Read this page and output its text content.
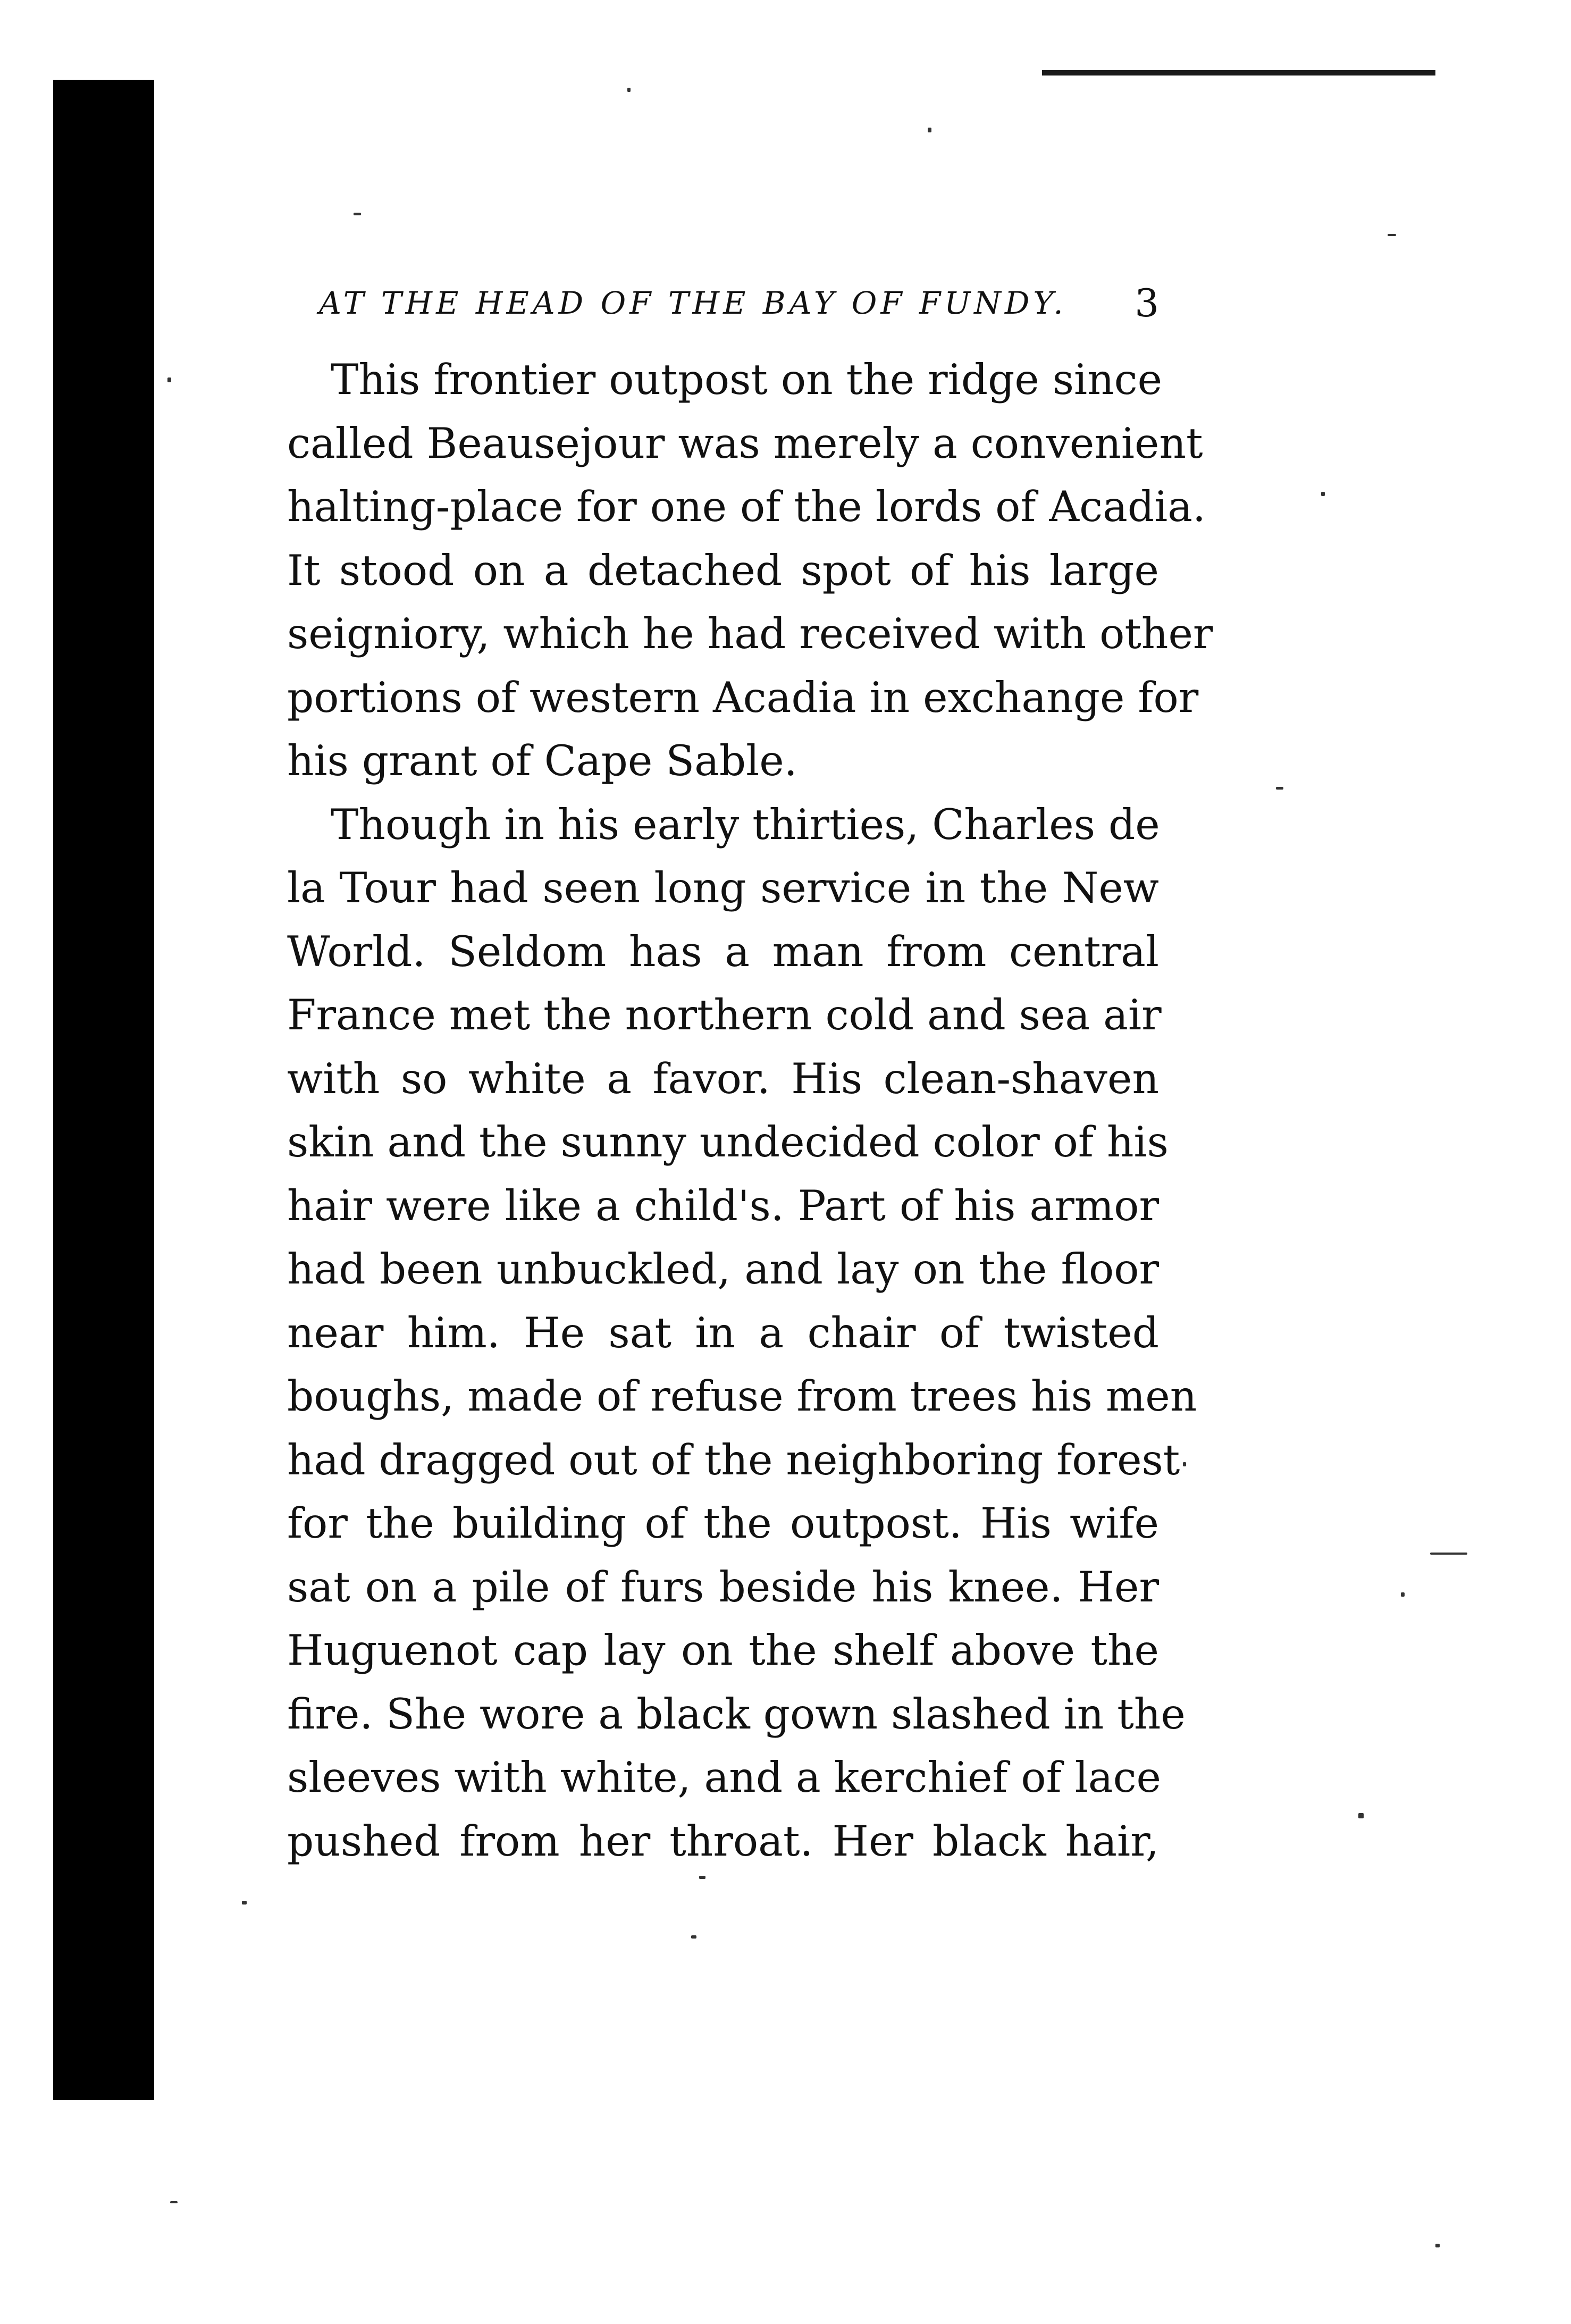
AT THE HEAD OF THE BAY OF FUNDY. 3
This frontier outpost on the ridge since
called Beausejour was merely a convenient
halting-place for one of the lords of Acadia.
It stood on a detached spot of his large
seigniory, which he had received with other
portions of western Acadia in exchange for
his grant of Cape Sable.
Though in his early thirties, Charles de
la Tour had seen long service in the New
World. Seldom has a man from central
France met the northern cold and sea air
with so white a favor. His clean-shaven
skin and the sunny undecided color of his
hair were like a child's. Part of his armor
had been unbuckled, and lay on the floor
near him. He sat in a chair of twisted
boughs, made of refuse from trees his men
had dragged out of the neighboring forest
for the building of the outpost. His wife
sat on a pile of furs beside his knee. Her
Huguenot cap lay on the shelf above the
fire. She wore a black gown slashed in the
sleeves with white, and a kerchief of lace
pushed from her throat. Her black hair,
